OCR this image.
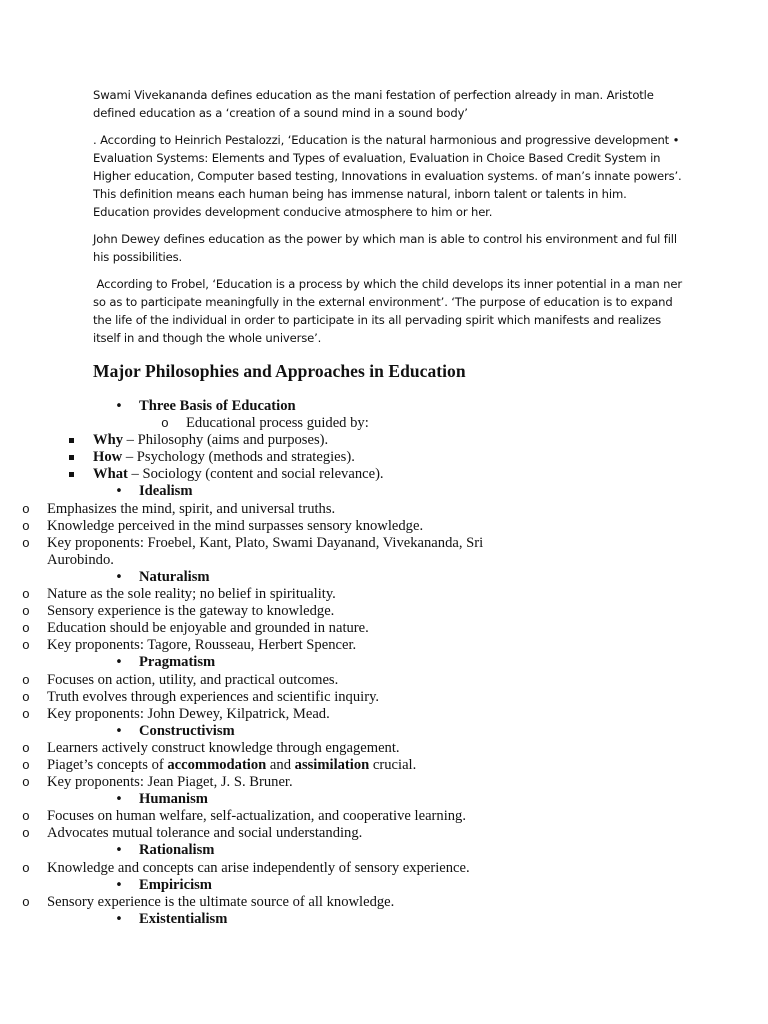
Swami Vivekananda defines education as the mani festation of perfection already in man. Aristotle defined education as a ‘creation of a sound mind in a sound body’

. According to Heinrich Pestalozzi, ‘Education is the natural harmonious and progressive development • Evaluation Systems: Elements and Types of evaluation, Evaluation in Choice Based Credit System in Higher education, Computer based testing, Innovations in evaluation systems. of man’s innate powers’. This definition means each human being has immense natural, inborn talent or talents in him. Education provides development conducive atmosphere to him or her.

John Dewey defines education as the power by which man is able to control his environment and ful fill his possibilities.

According to Frobel, ‘Education is a process by which the child develops its inner potential in a man ner so as to participate meaningfully in the external environment’. ‘The purpose of education is to expand the life of the individual in order to participate in its all pervading spirit which manifests and realizes itself in and though the whole universe’.

Major Philosophies and Approaches in Education
• Three Basis of Education
o Educational process guided by:
Why – Philosophy (aims and purposes).
How – Psychology (methods and strategies).
What – Sociology (content and social relevance).
• Idealism
o Emphasizes the mind, spirit, and universal truths.
o Knowledge perceived in the mind surpasses sensory knowledge.
o Key proponents: Froebel, Kant, Plato, Swami Dayanand, Vivekananda, Sri Aurobindo.
• Naturalism
o Nature as the sole reality; no belief in spirituality.
o Sensory experience is the gateway to knowledge.
o Education should be enjoyable and grounded in nature.
o Key proponents: Tagore, Rousseau, Herbert Spencer.
• Pragmatism
o Focuses on action, utility, and practical outcomes.
o Truth evolves through experiences and scientific inquiry.
o Key proponents: John Dewey, Kilpatrick, Mead.
• Constructivism
o Learners actively construct knowledge through engagement.
o Piaget’s concepts of accommodation and assimilation crucial.
o Key proponents: Jean Piaget, J. S. Bruner.
• Humanism
o Focuses on human welfare, self-actualization, and cooperative learning.
o Advocates mutual tolerance and social understanding.
• Rationalism
o Knowledge and concepts can arise independently of sensory experience.
• Empiricism
o Sensory experience is the ultimate source of all knowledge.
• Existentialism
